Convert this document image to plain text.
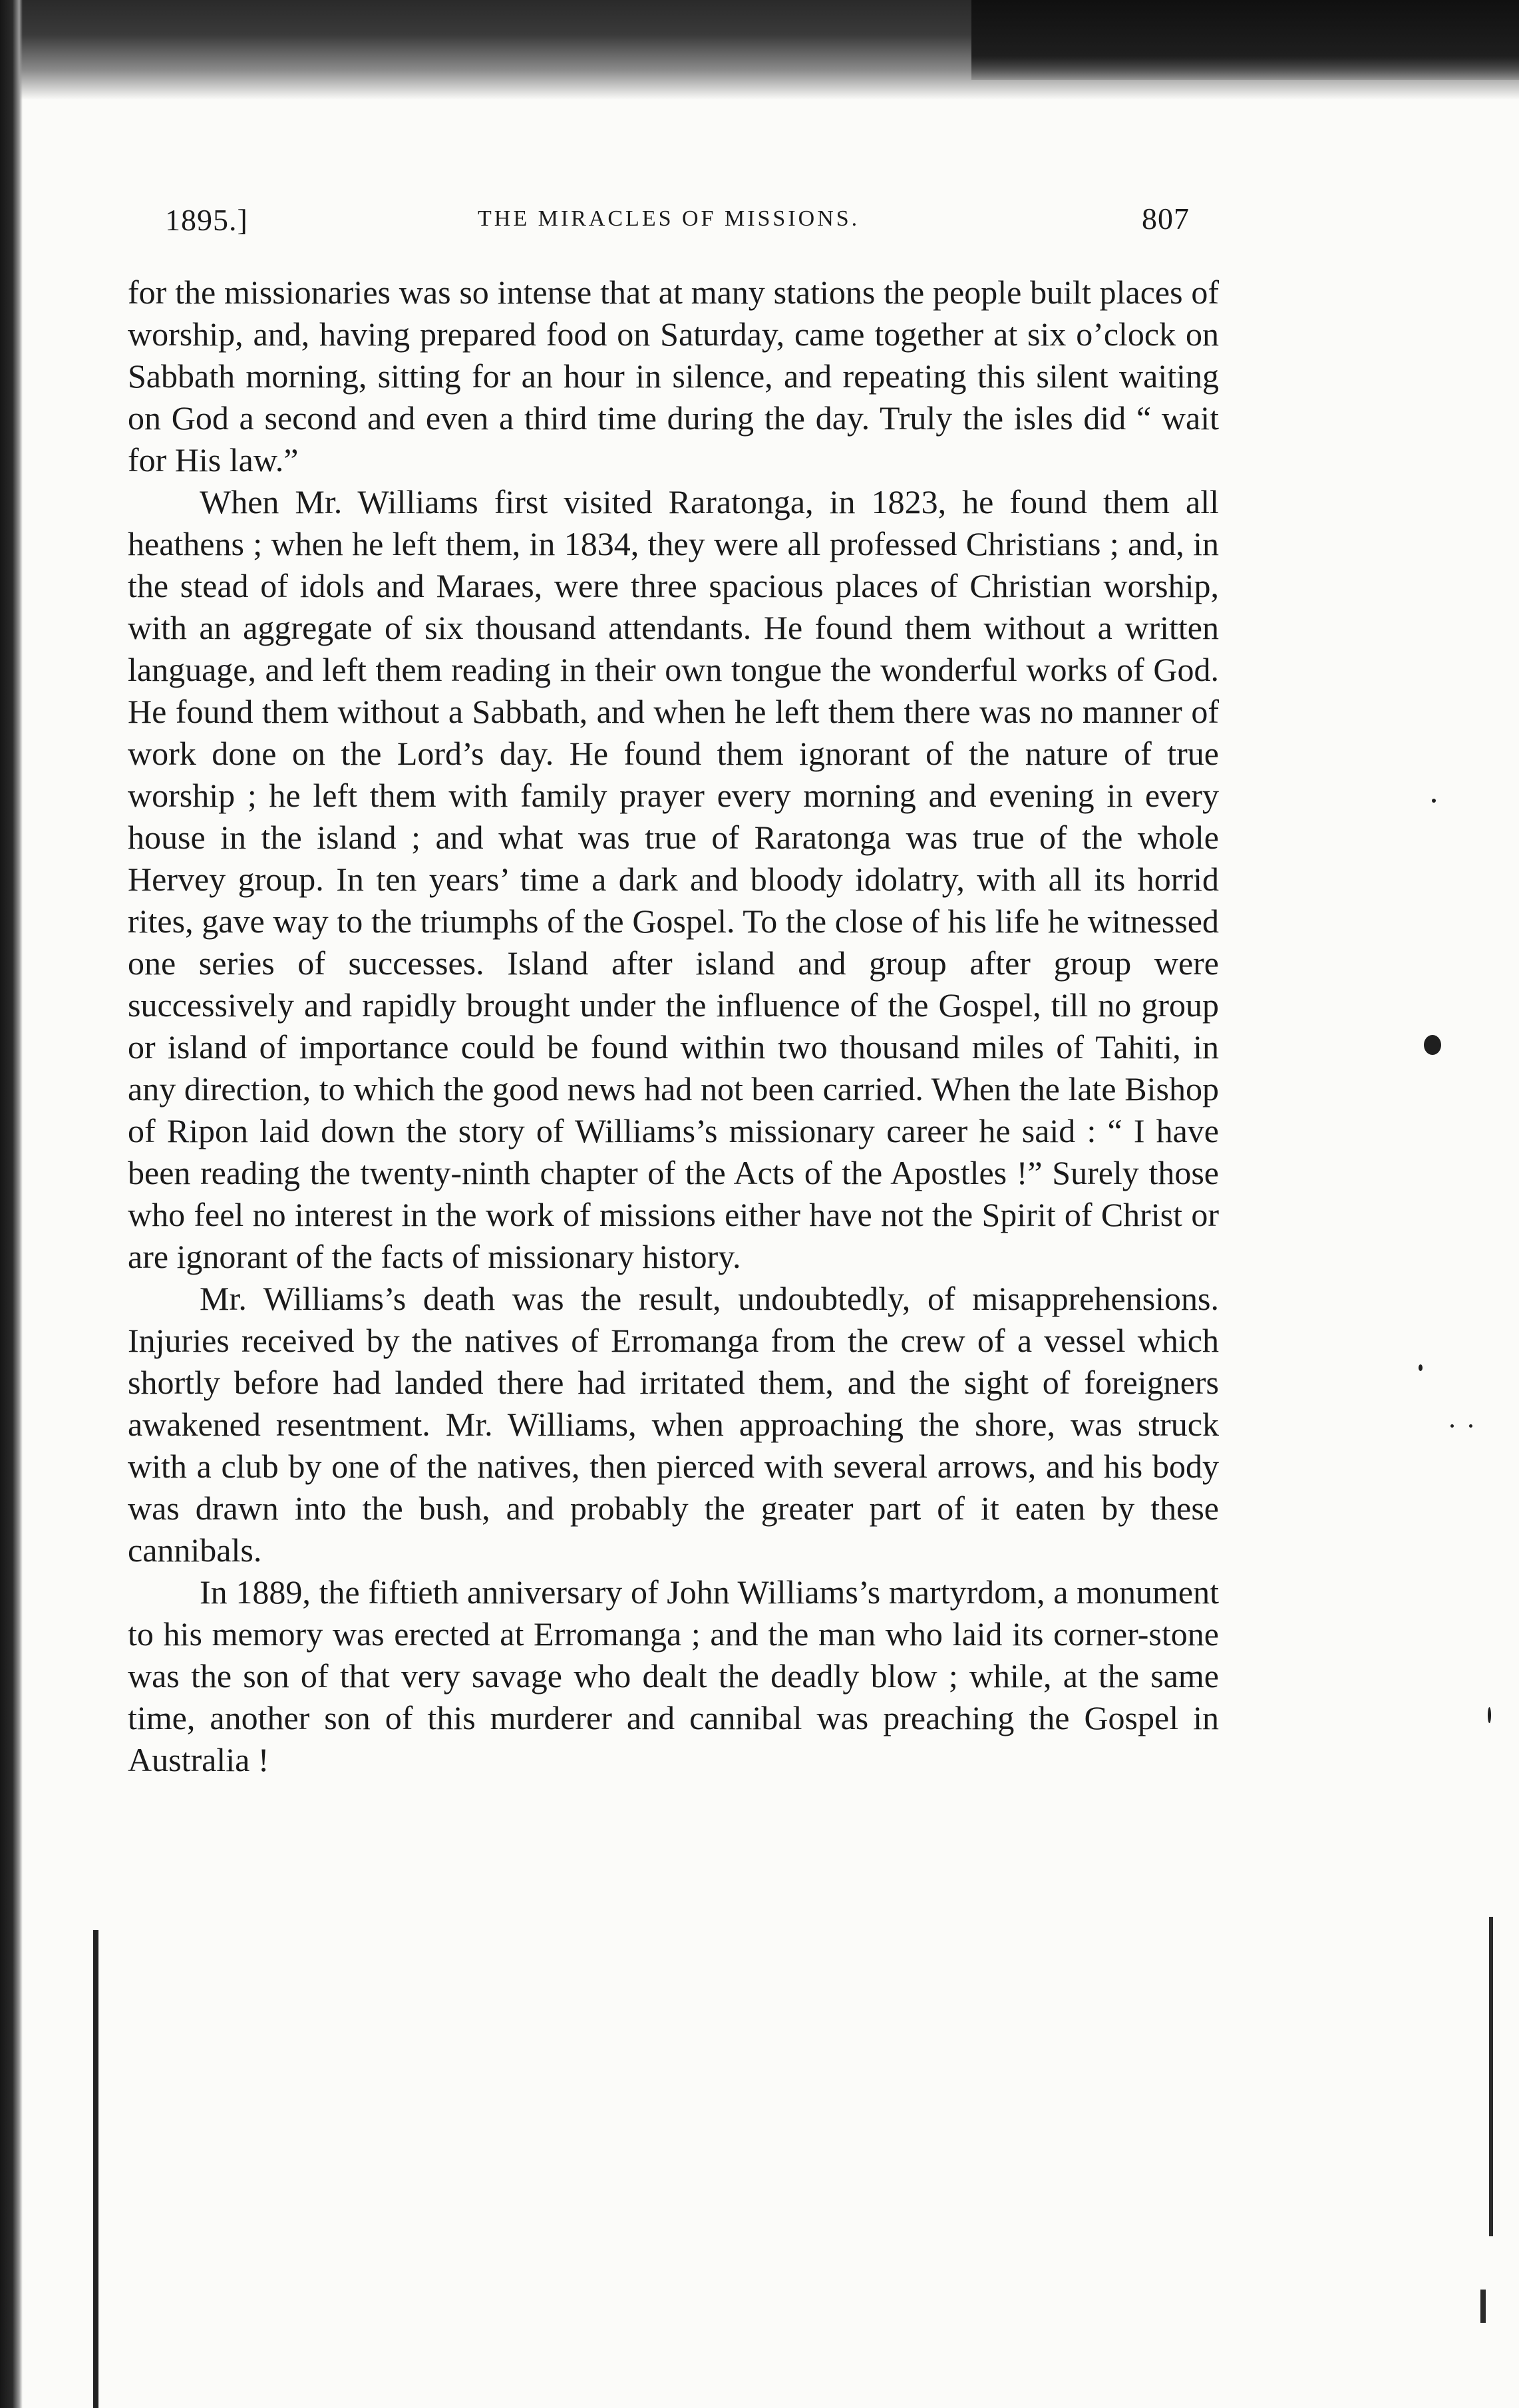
1895.]	THE MIRACLES OF MISSIONS.	807

for the missionaries was so intense that at many stations the people built places of worship, and, having prepared food on Saturday, came together at six o’clock on Sabbath morning, sitting for an hour in silence, and repeating this silent waiting on God a second and even a third time during the day. Truly the isles did “ wait for His law.”

When Mr. Williams first visited Raratonga, in 1823, he found them all heathens ; when he left them, in 1834, they were all professed Christians ; and, in the stead of idols and Maraes, were three spacious places of Christian worship, with an aggregate of six thousand attendants. He found them without a written language, and left them reading in their own tongue the wonderful works of God. He found them without a Sabbath, and when he left them there was no manner of work done on the Lord’s day. He found them ignorant of the nature of true worship ; he left them with family prayer every morning and evening in every house in the island ; and what was true of Raratonga was true of the whole Hervey group. In ten years’ time a dark and bloody idolatry, with all its horrid rites, gave way to the triumphs of the Gospel. To the close of his life he witnessed one series of successes. Island after island and group after group were successively and rapidly brought under the influence of the Gospel, till no group or island of importance could be found within two thousand miles of Tahiti, in any direction, to which the good news had not been carried. When the late Bishop of Ripon laid down the story of Williams’s missionary career he said : “ I have been reading the twenty-ninth chapter of the Acts of the Apostles !” Surely those who feel no interest in the work of missions either have not the Spirit of Christ or are ignorant of the facts of missionary history.

Mr. Williams’s death was the result, undoubtedly, of misapprehensions. Injuries received by the natives of Erromanga from the crew of a vessel which shortly before had landed there had irritated them, and the sight of foreigners awakened resentment. Mr. Williams, when approaching the shore, was struck with a club by one of the natives, then pierced with several arrows, and his body was drawn into the bush, and probably the greater part of it eaten by these cannibals.

In 1889, the fiftieth anniversary of John Williams’s martyrdom, a monument to his memory was erected at Erromanga ; and the man who laid its corner-stone was the son of that very savage who dealt the deadly blow ; while, at the same time, another son of this murderer and cannibal was preaching the Gospel in Australia !
